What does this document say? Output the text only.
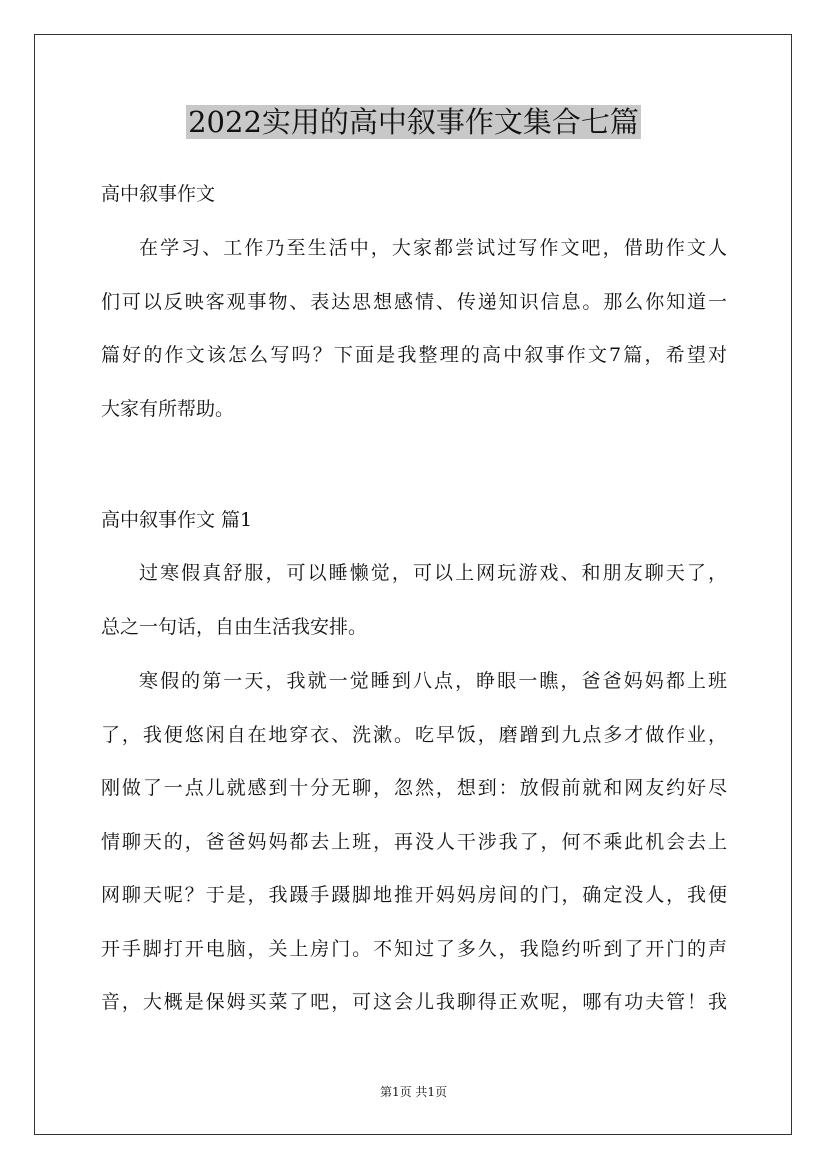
2022实用的高中叙事作文集合七篇
高中叙事作文
在学习、工作乃至生活中，大家都尝试过写作文吧，借助作文人
们可以反映客观事物、表达思想感情、传递知识信息。那么你知道一
篇好的作文该怎么写吗？下面是我整理的高中叙事作文7篇，希望对
大家有所帮助。
高中叙事作文 篇1
过寒假真舒服，可以睡懒觉，可以上网玩游戏、和朋友聊天了，
总之一句话，自由生活我安排。
寒假的第一天，我就一觉睡到八点，睁眼一瞧，爸爸妈妈都上班
了，我便悠闲自在地穿衣、洗漱。吃早饭，磨蹭到九点多才做作业，
刚做了一点儿就感到十分无聊，忽然，想到：放假前就和网友约好尽
情聊天的，爸爸妈妈都去上班，再没人干涉我了，何不乘此机会去上
网聊天呢？于是，我蹑手蹑脚地推开妈妈房间的门，确定没人，我便
开手脚打开电脑，关上房门。不知过了多久，我隐约听到了开门的声
音，大概是保姆买菜了吧，可这会儿我聊得正欢呢，哪有功夫管！我
第1页 共1页
